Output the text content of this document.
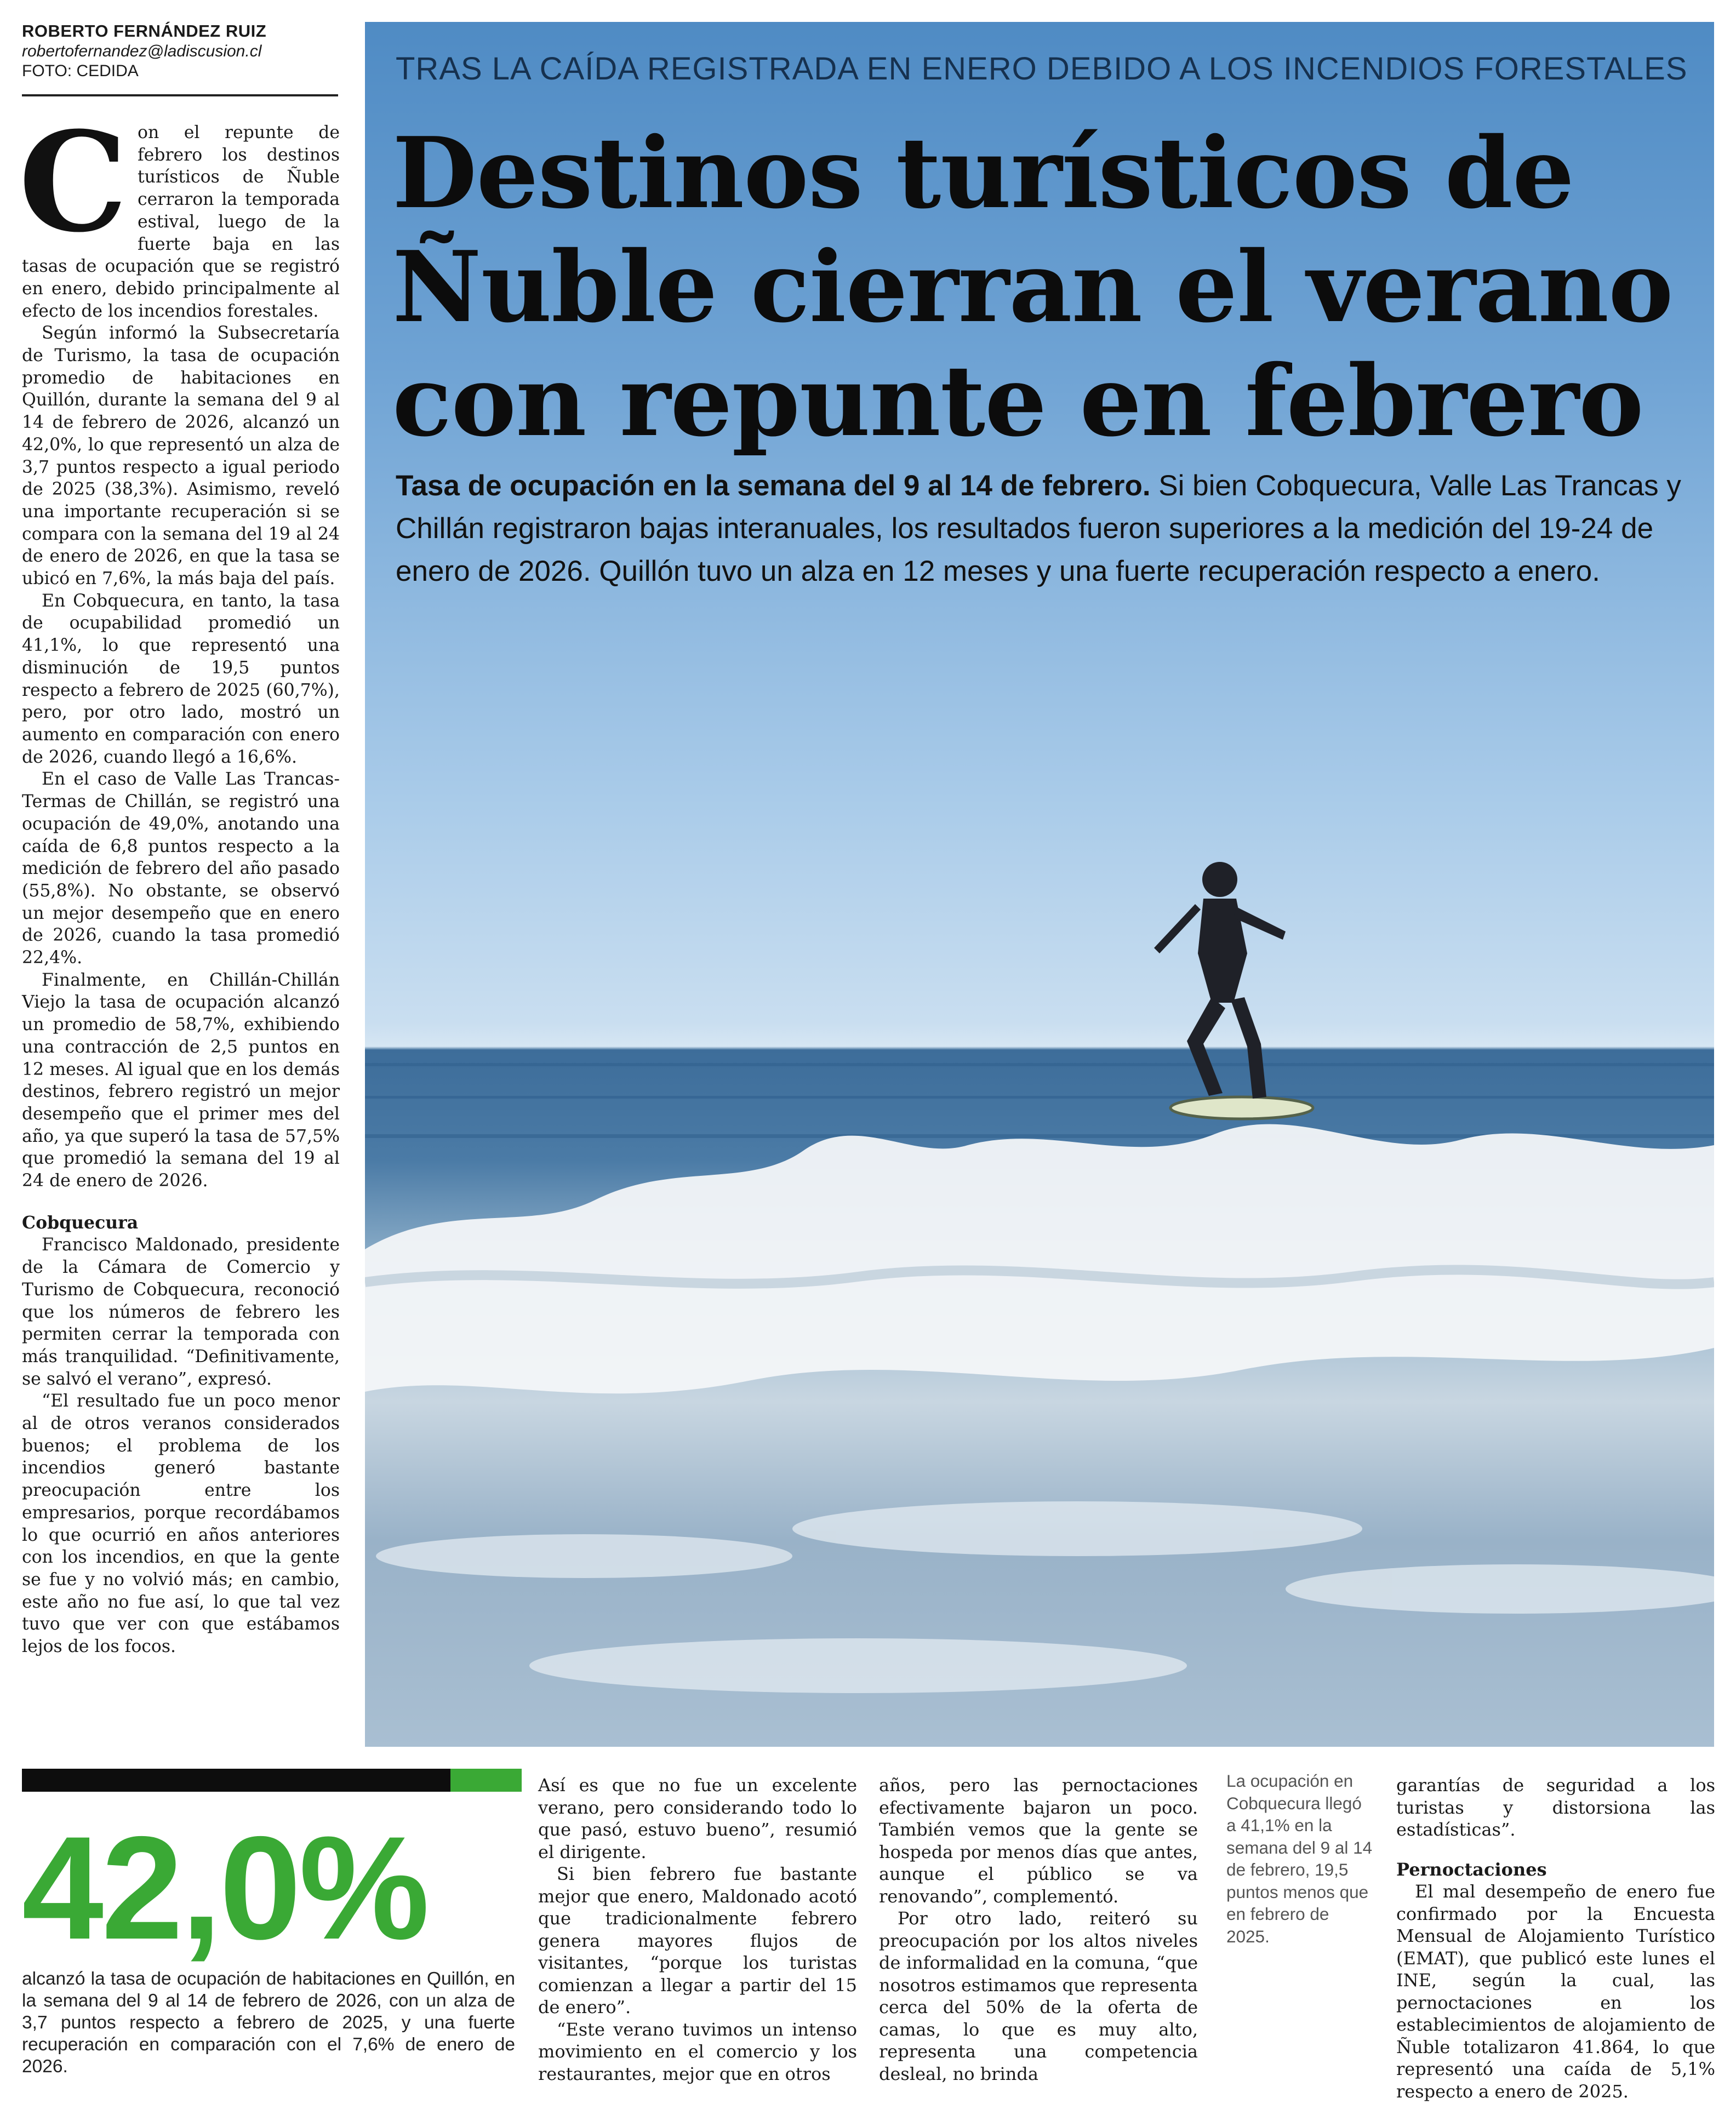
ROBERTO FERNÁNDEZ RUIZ
robertofernandez@ladiscusion.cl
FOTO: CEDIDA

Con el repunte de febrero los destinos turísticos de Ñuble cerraron la temporada estival, luego de la fuerte baja en las tasas de ocupación que se registró en enero, debido principalmente al efecto de los incendios forestales.

Según informó la Subsecretaría de Turismo, la tasa de ocupación promedio de habitaciones en Quillón, durante la semana del 9 al 14 de febrero de 2026, alcanzó un 42,0%, lo que representó un alza de 3,7 puntos respecto a igual periodo de 2025 (38,3%). Asimismo, reveló una importante recuperación si se compara con la semana del 19 al 24 de enero de 2026, en que la tasa se ubicó en 7,6%, la más baja del país.

En Cobquecura, en tanto, la tasa de ocupabilidad promedió un 41,1%, lo que representó una disminución de 19,5 puntos respecto a febrero de 2025 (60,7%), pero, por otro lado, mostró un aumento en comparación con enero de 2026, cuando llegó a 16,6%.

En el caso de Valle Las Trancas-Termas de Chillán, se registró una ocupación de 49,0%, anotando una caída de 6,8 puntos respecto a la medición de febrero del año pasado (55,8%). No obstante, se observó un mejor desempeño que en enero de 2026, cuando la tasa promedió 22,4%.

Finalmente, en Chillán-Chillán Viejo la tasa de ocupación alcanzó un promedio de 58,7%, exhibiendo una contracción de 2,5 puntos en 12 meses. Al igual que en los demás destinos, febrero registró un mejor desempeño que el primer mes del año, ya que superó la tasa de 57,5% que promedió la semana del 19 al 24 de enero de 2026.

Cobquecura

Francisco Maldonado, presidente de la Cámara de Comercio y Turismo de Cobquecura, reconoció que los números de febrero les permiten cerrar la temporada con más tranquilidad. “Definitivamente, se salvó el verano”, expresó.

“El resultado fue un poco menor al de otros veranos considerados buenos; el problema de los incendios generó bastante preocupación entre los empresarios, porque recordábamos lo que ocurrió en años anteriores con los incendios, en que la gente se fue y no volvió más; en cambio, este año no fue así, lo que tal vez tuvo que ver con que estábamos lejos de los focos.

TRAS LA CAÍDA REGISTRADA EN ENERO DEBIDO A LOS INCENDIOS FORESTALES
Destinos turísticos de Ñuble cierran el verano con repunte en febrero
Tasa de ocupación en la semana del 9 al 14 de febrero. Si bien Cobquecura, Valle Las Trancas y Chillán registraron bajas interanuales, los resultados fueron superiores a la medición del 19-24 de enero de 2026. Quillón tuvo un alza en 12 meses y una fuerte recuperación respecto a enero.
42,0%
alcanzó la tasa de ocupación de habitaciones en Quillón, en la semana del 9 al 14 de febrero de 2026, con un alza de 3,7 puntos respecto a febrero de 2025, y una fuerte recuperación en comparación con el 7,6% de enero de 2026.

Así es que no fue un excelente verano, pero considerando todo lo que pasó, estuvo bueno”, resumió el dirigente.

Si bien febrero fue bastante mejor que enero, Maldonado acotó que tradicionalmente febrero genera mayores flujos de visitantes, “porque los turistas comienzan a llegar a partir del 15 de enero”.

“Este verano tuvimos un intenso movimiento en el comercio y los restaurantes, mejor que en otros

años, pero las pernoctaciones efectivamente bajaron un poco. También vemos que la gente se hospeda por menos días que antes, aunque el público se va renovando”, complementó.

Por otro lado, reiteró su preocupación por los altos niveles de informalidad en la comuna, “que nosotros estimamos que representa cerca del 50% de la oferta de camas, lo que es muy alto, representa una competencia desleal, no brinda

La ocupación en Cobquecura llegó a 41,1% en la semana del 9 al 14 de febrero, 19,5 puntos menos que en febrero de 2025.

garantías de seguridad a los turistas y distorsiona las estadísticas”.

Pernoctaciones

El mal desempeño de enero fue confirmado por la Encuesta Mensual de Alojamiento Turístico (EMAT), que publicó este lunes el INE, según la cual, las pernoctaciones en los establecimientos de alojamiento de Ñuble totalizaron 41.864, lo que representó una caída de 5,1% respecto a enero de 2025.
